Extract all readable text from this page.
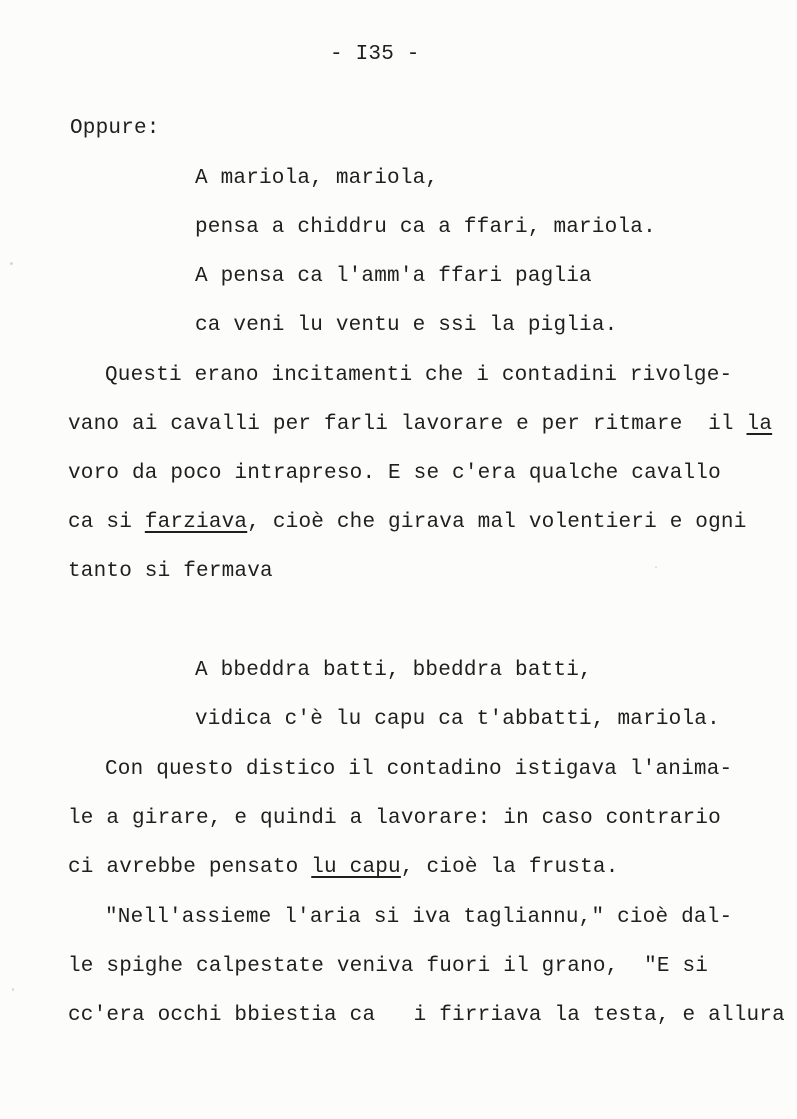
- I35 -
Oppure:
A mariola, mariola,
pensa a chiddru ca a ffari, mariola.
A pensa ca l'amm'a ffari paglia
ca veni lu ventu e ssi la piglia.
Questi erano incitamenti che i contadini rivolge-
vano ai cavalli per farli lavorare e per ritmare  il la
voro da poco intrapreso. E se c'era qualche cavallo
ca si farziava, cioè che girava mal volentieri e ogni
tanto si fermava
A bbeddra batti, bbeddra batti,
vidica c'è lu capu ca t'abbatti, mariola.
Con questo distico il contadino istigava l'anima-
le a girare, e quindi a lavorare: in caso contrario
ci avrebbe pensato lu capu, cioè la frusta.
"Nell'assieme l'aria si iva tagliannu," cioè dal-
le spighe calpestate veniva fuori il grano,  "E si
cc'era occhi bbiestia ca   i firriava la testa, e allura
